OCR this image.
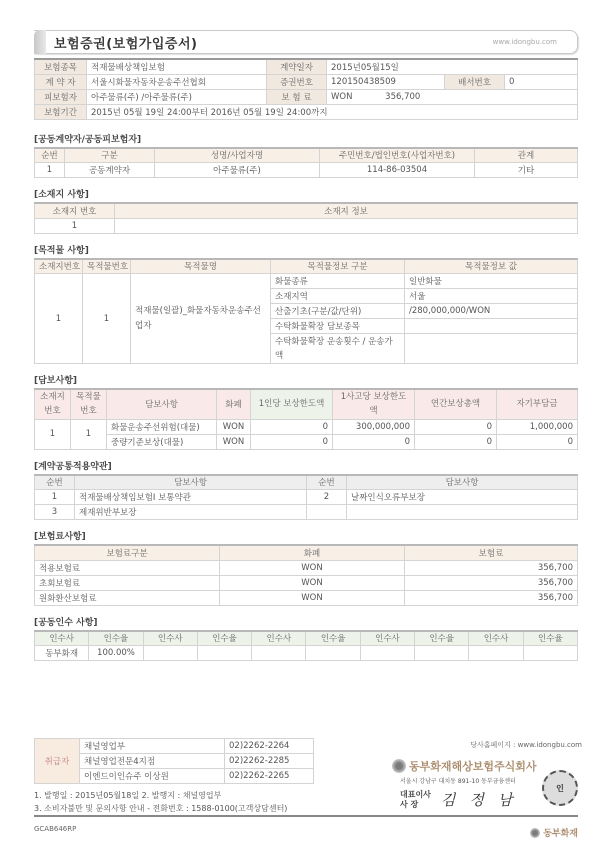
보험증권(보험가입증서)	www.idongbu.com
보험종목	적재물배상책임보험	계약일자	2015년05월15일		
계 약 자	서울시화물자동차운송주선협회	증권번호	120150438509	배서번호	0
피보험자	아주물류(주) /아주물류(주)	보 험 료	WON 356,700		
보험기간	2015년 05월 19일 24:00부터 2016년 05월 19일 24:00까지				
[공동계약자/공동피보험자]
순번	구분	성명/사업자명	주민번호/법인번호(사업자번호)	관계
1	공동계약자	아주물류(주)	114-86-03504	기타
[소재지 사항]
소재지 번호	소재지 정보
1	
[목적물 사항]
소재지번호	목적물번호	목적물명	목적물정보 구분	목적물정보 값
1	1	적재물(일괄)_화물자동차운송주선업자	화물종류	일반화물
			소재지역	서울
			산출기초(구분/값/단위)	/280,000,000/WON
			수탁화물확장 담보종목	
			수탁화물확장 운송횟수 / 운송가액	
[담보사항]
소재지 번호	목적물 번호	담보사항	화폐	1인당 보상한도액	1사고당 보상한도액	연간보상총액	자기부담금
1	1	화물운송주선위험(대물)	WON	0	300,000,000	0	1,000,000
		중량기준보상(대물)	WON	0	0	0	0
[계약공통적용약관]
순번	담보사항	순번	담보사항
1	적재물배상책임보험Ⅰ 보통약관	2	날짜인식오류부보장
3	제재위반부보장		
[보험료사항]
보험료구분	화폐	보험료
적용보험료	WON	356,700
초회보험료	WON	356,700
원화환산보험료	WON	356,700
[공동인수 사항]
인수사	인수율	인수사	인수율	인수사	인수율	인수사	인수율	인수사	인수율
동부화재	100.00%								
취급자	채널영업부	02)2262-2264
	채널영업전문4지점	02)2262-2285
	이엔드이인슈주 이상원	02)2262-2265
1. 발행일 : 2015년05월18일 2. 발행지 : 채널영업부
3. 소비자불만 및 문의사항 안내 - 전화번호 : 1588-0100(고객상담센터)
당사홈페이지 : www.idongbu.com
동부화재해상보험주식회사
서울시 강남구 대치동 891-10 동부금융센터
대표이사
사 장	김정남
인
GCAB646RP	동부화재
